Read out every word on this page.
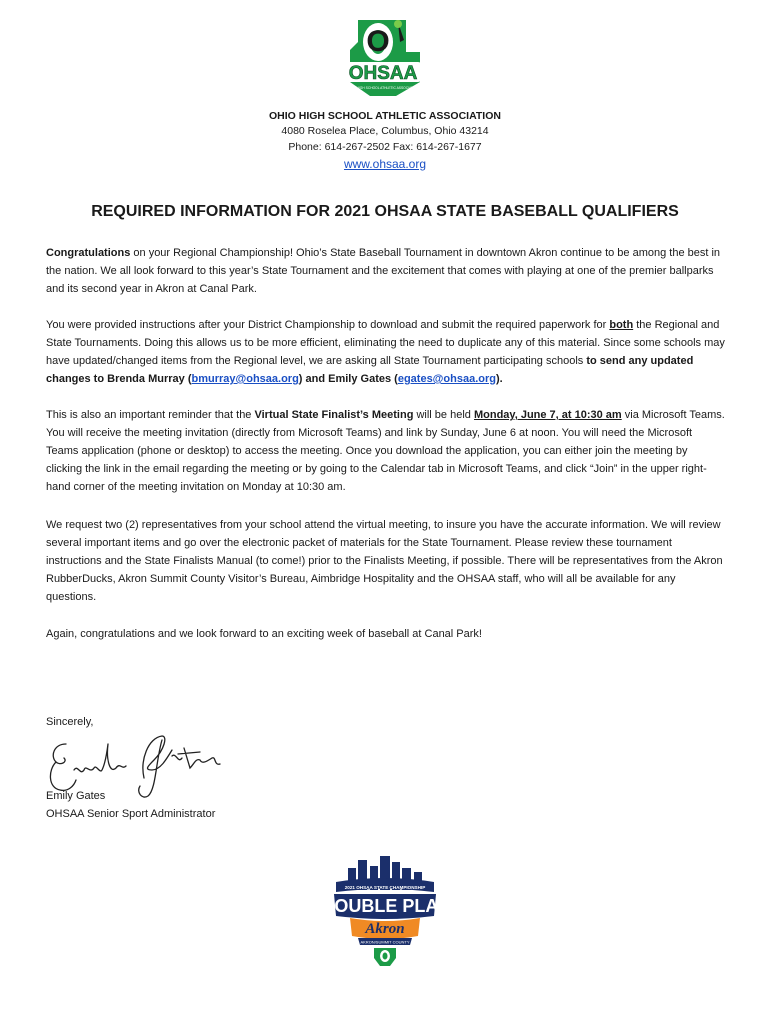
O
OHSAA
OHIO HIGH SCHOOL ATHLETIC ASSOCIATION
OHIO HIGH SCHOOL ATHLETIC ASSOCIATION
4080 Roselea Place, Columbus, Ohio 43214
Phone: 614-267-2502 Fax: 614-267-1677
www.ohsaa.org
REQUIRED INFORMATION FOR 2021 OHSAA STATE BASEBALL QUALIFIERS
Congratulations on your Regional Championship! Ohio’s State Baseball Tournament in downtown Akron continue to be among the best in the nation. We all look forward to this year’s State Tournament and the excitement that comes with playing at one of the premier ballparks and its second year in Akron at Canal Park.
You were provided instructions after your District Championship to download and submit the required paperwork for both the Regional and State Tournaments. Doing this allows us to be more efficient, eliminating the need to duplicate any of this material. Since some schools may have updated/changed items from the Regional level, we are asking all State Tournament participating schools to send any updated changes to Brenda Murray (bmurray@ohsaa.org) and Emily Gates (egates@ohsaa.org).
This is also an important reminder that the Virtual State Finalist’s Meeting will be held Monday, June 7, at 10:30 am via Microsoft Teams. You will receive the meeting invitation (directly from Microsoft Teams) and link by Sunday, June 6 at noon. You will need the Microsoft Teams application (phone or desktop) to access the meeting. Once you download the application, you can either join the meeting by clicking the link in the email regarding the meeting or by going to the Calendar tab in Microsoft Teams, and click “Join” in the upper right-hand corner of the meeting invitation on Monday at 10:30 am.
We request two (2) representatives from your school attend the virtual meeting, to insure you have the accurate information. We will review several important items and go over the electronic packet of materials for the State Tournament. Please review these tournament instructions and the State Finalists Manual (to come!) prior to the Finalists Meeting, if possible. There will be representatives from the Akron RubberDucks, Akron Summit County Visitor’s Bureau, Aimbridge Hospitality and the OHSAA staff, who will all be available for any questions.
Again, congratulations and we look forward to an exciting week of baseball at Canal Park!
Sincerely,
Emily Gates
OHSAA Senior Sport Administrator
2021 OHSAA STATE CHAMPIONSHIP
DOUBLE PLAY
Akron
AKRON/SUMMIT COUNTY
